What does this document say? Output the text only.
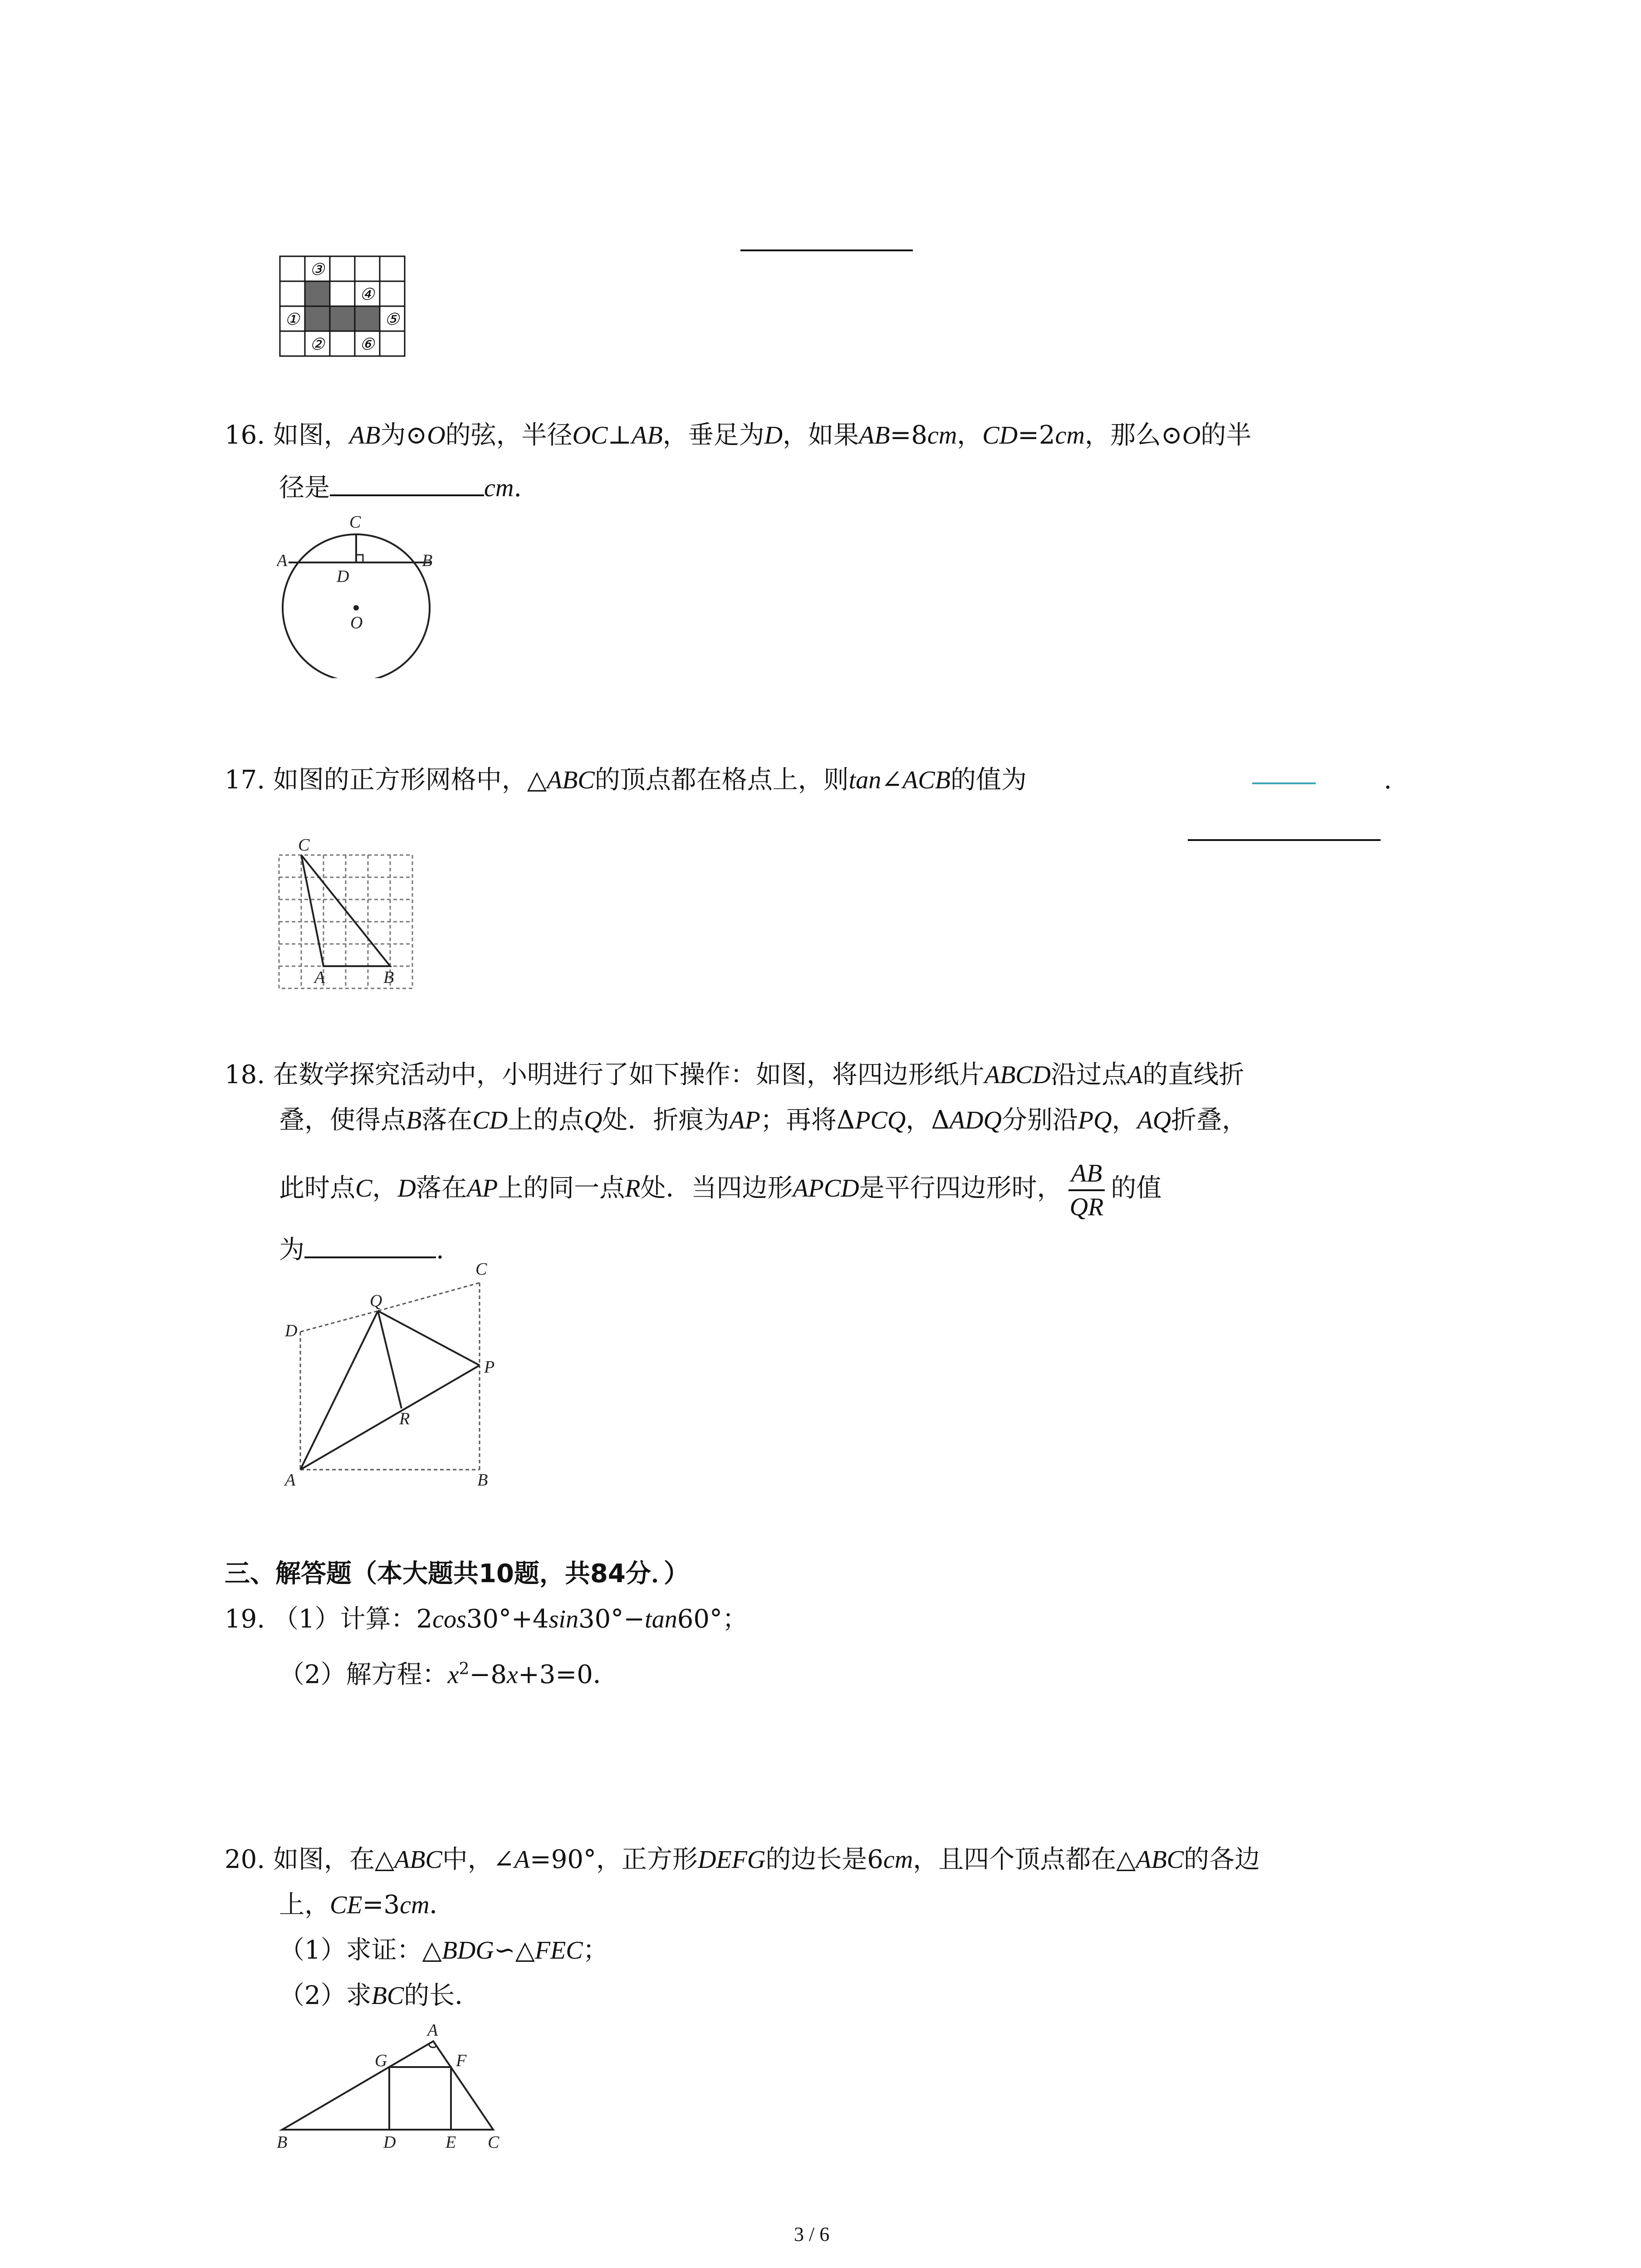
③
④
①	⑤
② ⑥
16. 如图，AB为⊙O的弦，半径OC⊥AB，垂足为D，如果AB=8cm，CD=2cm，那么⊙O的半
径是	cm.
C
A	B
D
O
17. 如图的正方形网格中，△ABC的顶点都在格点上，则tan∠ACB的值为	.
C
A	B
18. 在数学探究活动中，小明进行了如下操作：如图，将四边形纸片ABCD沿过点A的直线折
叠，使得点B落在CD上的点Q处．折痕为AP；再将ΔPCQ，ΔADQ分别沿PQ，AQ折叠，
此时点C，D落在AP上的同一点R处．当四边形APCD是平行四边形时， $\frac{AB}{QR}$ 的值
为	.
C
Q
D
P
R
A	B
三、解答题（本大题共10题，共84分．）
19. （1）计算：2cos30°+4sin30°−tan60°；
（2）解方程：$x^2-8x+3=0$．
20. 如图，在△ABC中，∠A=90°，正方形DEFG的边长是6cm，且四个顶点都在△ABC的各边
上，CE=3cm．
（1）求证：△BDG∽△FEC；
（2）求BC的长．
A
G	F
B	D	E C
3 / 6
